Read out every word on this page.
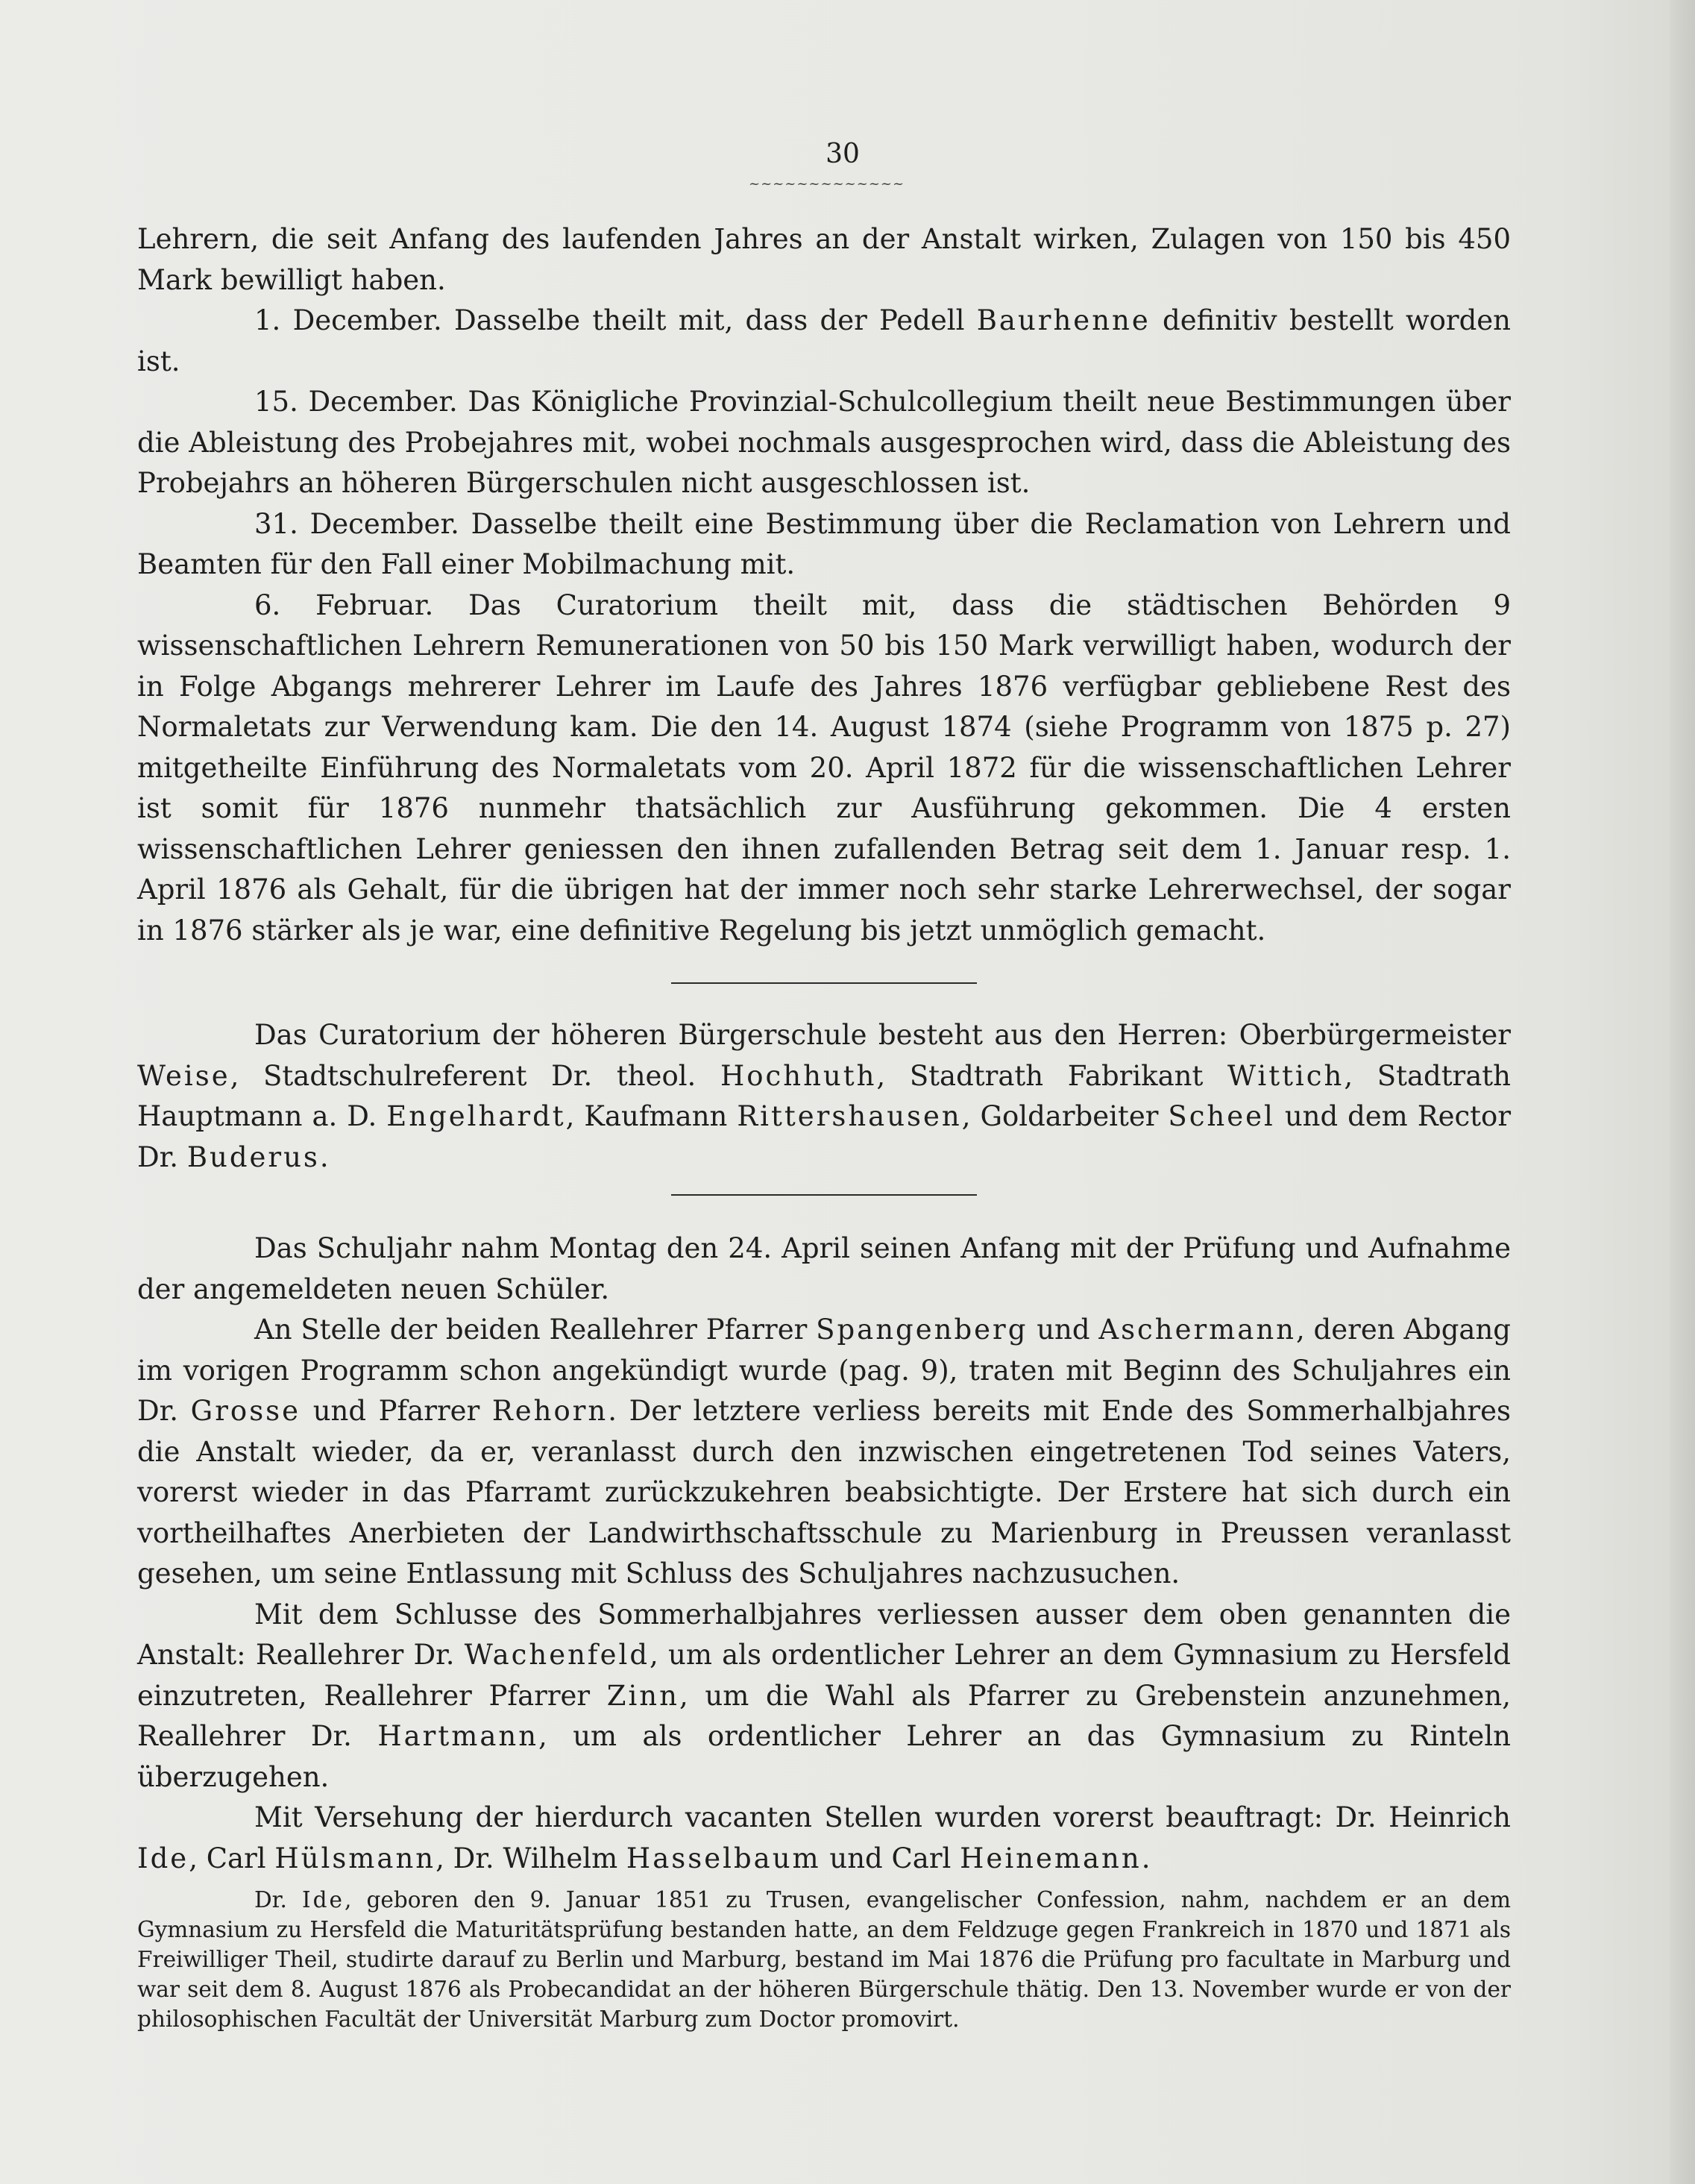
30
~~~~~~~~~~~~~

Lehrern, die seit Anfang des laufenden Jahres an der Anstalt wirken, Zulagen von 150 bis 450 Mark bewilligt haben.

1. December. Dasselbe theilt mit, dass der Pedell Baurhenne definitiv bestellt worden ist.

15. December. Das Königliche Provinzial-Schulcollegium theilt neue Bestimmungen über die Ableistung des Probejahres mit, wobei nochmals ausgesprochen wird, dass die Ableistung des Probejahrs an höheren Bürgerschulen nicht ausgeschlossen ist.

31. December. Dasselbe theilt eine Bestimmung über die Reclamation von Lehrern und Beamten für den Fall einer Mobilmachung mit.

6. Februar. Das Curatorium theilt mit, dass die städtischen Behörden 9 wissenschaftlichen Lehrern Remunerationen von 50 bis 150 Mark verwilligt haben, wodurch der in Folge Abgangs mehrerer Lehrer im Laufe des Jahres 1876 verfügbar gebliebene Rest des Normaletats zur Verwendung kam. Die den 14. August 1874 (siehe Programm von 1875 p. 27) mitgetheilte Einführung des Normaletats vom 20. April 1872 für die wissenschaftlichen Lehrer ist somit für 1876 nunmehr thatsächlich zur Ausführung gekommen. Die 4 ersten wissenschaftlichen Lehrer geniessen den ihnen zufallenden Betrag seit dem 1. Januar resp. 1. April 1876 als Gehalt, für die übrigen hat der immer noch sehr starke Lehrerwechsel, der sogar in 1876 stärker als je war, eine definitive Regelung bis jetzt unmöglich gemacht.

Das Curatorium der höheren Bürgerschule besteht aus den Herren: Oberbürgermeister Weise, Stadtschulreferent Dr. theol. Hochhuth, Stadtrath Fabrikant Wittich, Stadtrath Hauptmann a. D. Engelhardt, Kaufmann Rittershausen, Goldarbeiter Scheel und dem Rector Dr. Buderus.

Das Schuljahr nahm Montag den 24. April seinen Anfang mit der Prüfung und Aufnahme der angemeldeten neuen Schüler.

An Stelle der beiden Reallehrer Pfarrer Spangenberg und Aschermann, deren Abgang im vorigen Programm schon angekündigt wurde (pag. 9), traten mit Beginn des Schuljahres ein Dr. Grosse und Pfarrer Rehorn. Der letztere verliess bereits mit Ende des Sommerhalbjahres die Anstalt wieder, da er, veranlasst durch den inzwischen eingetretenen Tod seines Vaters, vorerst wieder in das Pfarramt zurückzukehren beabsichtigte. Der Erstere hat sich durch ein vortheilhaftes Anerbieten der Landwirthschaftsschule zu Marienburg in Preussen veranlasst gesehen, um seine Entlassung mit Schluss des Schuljahres nachzusuchen.

Mit dem Schlusse des Sommerhalbjahres verliessen ausser dem oben genannten die Anstalt: Reallehrer Dr. Wachenfeld, um als ordentlicher Lehrer an dem Gymnasium zu Hersfeld einzutreten, Reallehrer Pfarrer Zinn, um die Wahl als Pfarrer zu Grebenstein anzunehmen, Reallehrer Dr. Hartmann, um als ordentlicher Lehrer an das Gymnasium zu Rinteln überzugehen.

Mit Versehung der hierdurch vacanten Stellen wurden vorerst beauftragt: Dr. Heinrich Ide, Carl Hülsmann, Dr. Wilhelm Hasselbaum und Carl Heinemann.

Dr. Ide, geboren den 9. Januar 1851 zu Trusen, evangelischer Confession, nahm, nachdem er an dem Gymnasium zu Hersfeld die Maturitätsprüfung bestanden hatte, an dem Feldzuge gegen Frankreich in 1870 und 1871 als Freiwilliger Theil, studirte darauf zu Berlin und Marburg, bestand im Mai 1876 die Prüfung pro facultate in Marburg und war seit dem 8. August 1876 als Probecandidat an der höheren Bürgerschule thätig. Den 13. November wurde er von der philosophischen Facultät der Universität Marburg zum Doctor promovirt.
